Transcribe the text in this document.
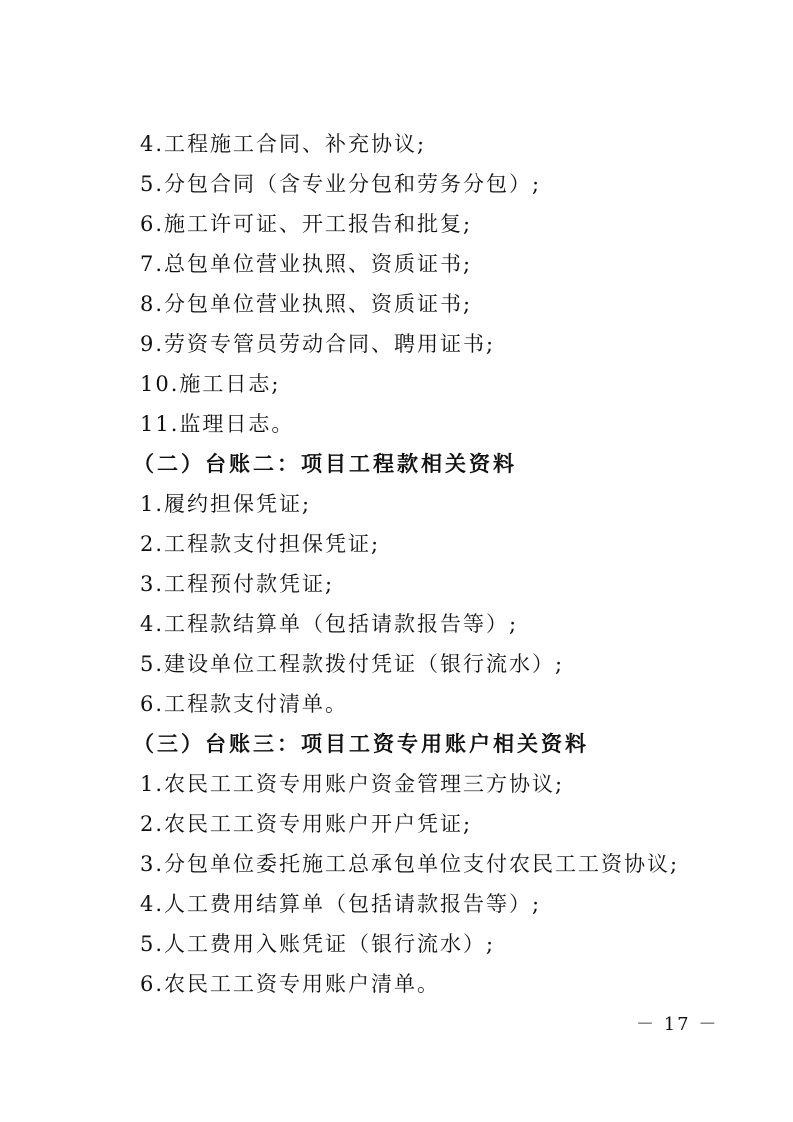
4.工程施工合同、补充协议;
5.分包合同（含专业分包和劳务分包）;
6.施工许可证、开工报告和批复;
7.总包单位营业执照、资质证书;
8.分包单位营业执照、资质证书;
9.劳资专管员劳动合同、聘用证书;
10.施工日志;
11.监理日志。
（二）台账二：项目工程款相关资料
1.履约担保凭证;
2.工程款支付担保凭证;
3.工程预付款凭证;
4.工程款结算单（包括请款报告等）;
5.建设单位工程款拨付凭证（银行流水）;
6.工程款支付清单。
（三）台账三：项目工资专用账户相关资料
1.农民工工资专用账户资金管理三方协议;
2.农民工工资专用账户开户凭证;
3.分包单位委托施工总承包单位支付农民工工资协议;
4.人工费用结算单（包括请款报告等）;
5.人工费用入账凭证（银行流水）;
6.农民工工资专用账户清单。
－ 17 －
